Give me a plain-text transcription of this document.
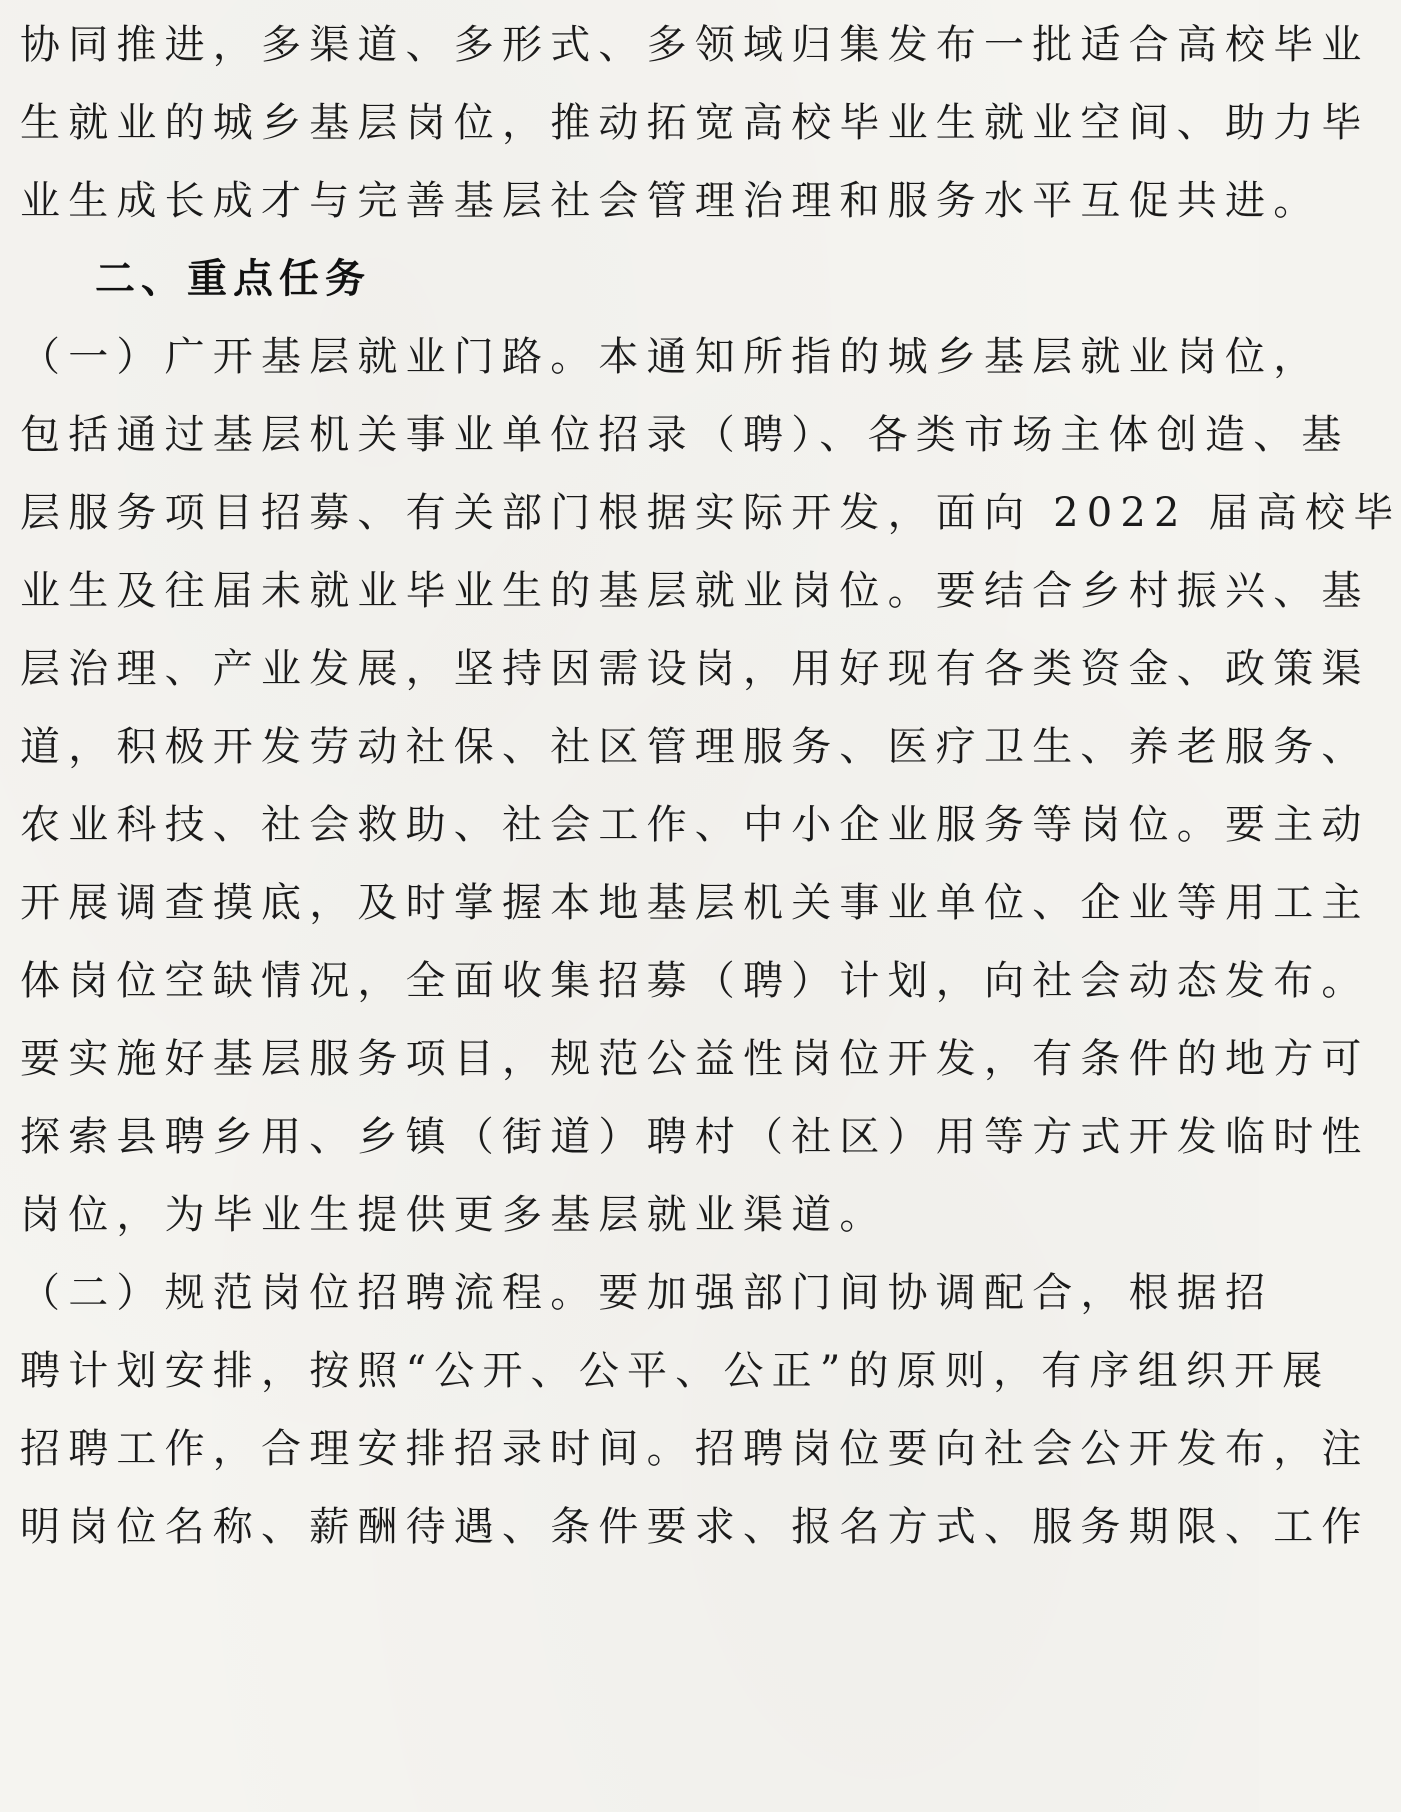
协同推进，多渠道、多形式、多领域归集发布一批适合高校毕业
生就业的城乡基层岗位，推动拓宽高校毕业生就业空间、助力毕
业生成长成才与完善基层社会管理治理和服务水平互促共进。
二、重点任务
（一）广开基层就业门路。本通知所指的城乡基层就业岗位，
包括通过基层机关事业单位招录（聘）、各类市场主体创造、基
层服务项目招募、有关部门根据实际开发，面向 2022 届高校毕
业生及往届未就业毕业生的基层就业岗位。要结合乡村振兴、基
层治理、产业发展，坚持因需设岗，用好现有各类资金、政策渠
道，积极开发劳动社保、社区管理服务、医疗卫生、养老服务、
农业科技、社会救助、社会工作、中小企业服务等岗位。要主动
开展调查摸底，及时掌握本地基层机关事业单位、企业等用工主
体岗位空缺情况，全面收集招募（聘）计划，向社会动态发布。
要实施好基层服务项目，规范公益性岗位开发，有条件的地方可
探索县聘乡用、乡镇（街道）聘村（社区）用等方式开发临时性
岗位，为毕业生提供更多基层就业渠道。
（二）规范岗位招聘流程。要加强部门间协调配合，根据招
聘计划安排，按照“公开、公平、公正”的原则，有序组织开展
招聘工作，合理安排招录时间。招聘岗位要向社会公开发布，注
明岗位名称、薪酬待遇、条件要求、报名方式、服务期限、工作
